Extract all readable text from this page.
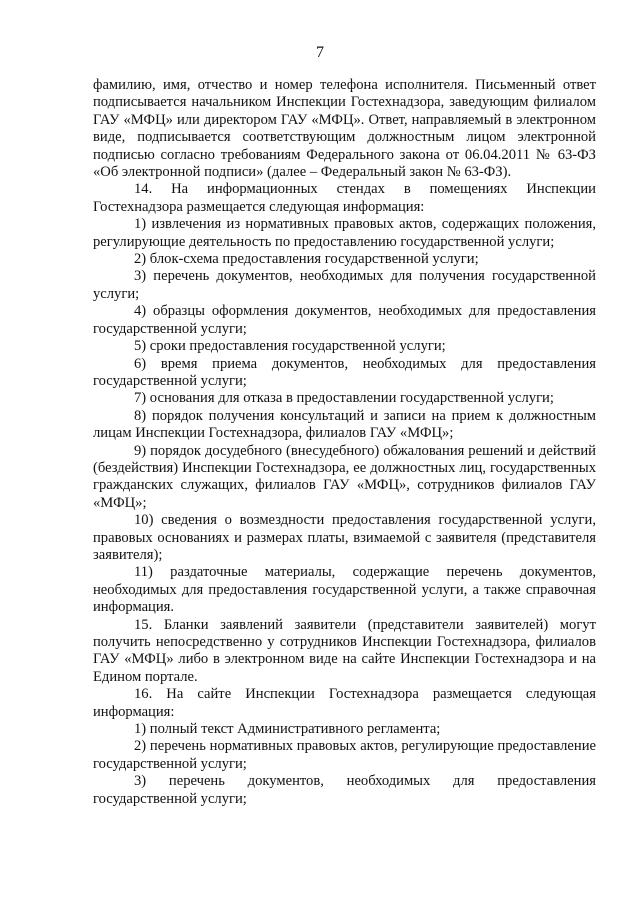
7

фамилию, имя, отчество и номер телефона исполнителя. Письменный ответ подписывается начальником Инспекции Гостехнадзора, заведующим филиалом ГАУ «МФЦ» или директором ГАУ «МФЦ». Ответ, направляемый в электронном виде, подписывается соответствующим должностным лицом электронной подписью согласно требованиям Федерального закона от 06.04.2011 № 63-ФЗ «Об электронной подписи» (далее – Федеральный закон № 63-ФЗ).

14. На информационных стендах в помещениях Инспекции Гостехнадзора размещается следующая информация:

1) извлечения из нормативных правовых актов, содержащих положения, регулирующие деятельность по предоставлению государственной услуги;

2) блок-схема предоставления государственной услуги;

3) перечень документов, необходимых для получения государственной услуги;

4) образцы оформления документов, необходимых для предоставления государственной услуги;

5) сроки предоставления государственной услуги;

6) время приема документов, необходимых для предоставления государственной услуги;

7) основания для отказа в предоставлении государственной услуги;

8) порядок получения консультаций и записи на прием к должностным лицам Инспекции Гостехнадзора, филиалов ГАУ «МФЦ»;

9) порядок досудебного (внесудебного) обжалования решений и действий (бездействия) Инспекции Гостехнадзора, ее должностных лиц, государственных гражданских служащих, филиалов ГАУ «МФЦ», сотрудников филиалов ГАУ «МФЦ»;

10) сведения о возмездности предоставления государственной услуги, правовых основаниях и размерах платы, взимаемой с заявителя (представителя заявителя);

11) раздаточные материалы, содержащие перечень документов, необходимых для предоставления государственной услуги, а также справочная информация.

15. Бланки заявлений заявители (представители заявителей) могут получить непосредственно у сотрудников Инспекции Гостехнадзора, филиалов ГАУ «МФЦ» либо в электронном виде на сайте Инспекции Гостехнадзора и на Едином портале.

16. На сайте Инспекции Гостехнадзора размещается следующая информация:

1) полный текст Административного регламента;

2) перечень нормативных правовых актов, регулирующие предоставление государственной услуги;

3) перечень документов, необходимых для предоставления государственной услуги;
